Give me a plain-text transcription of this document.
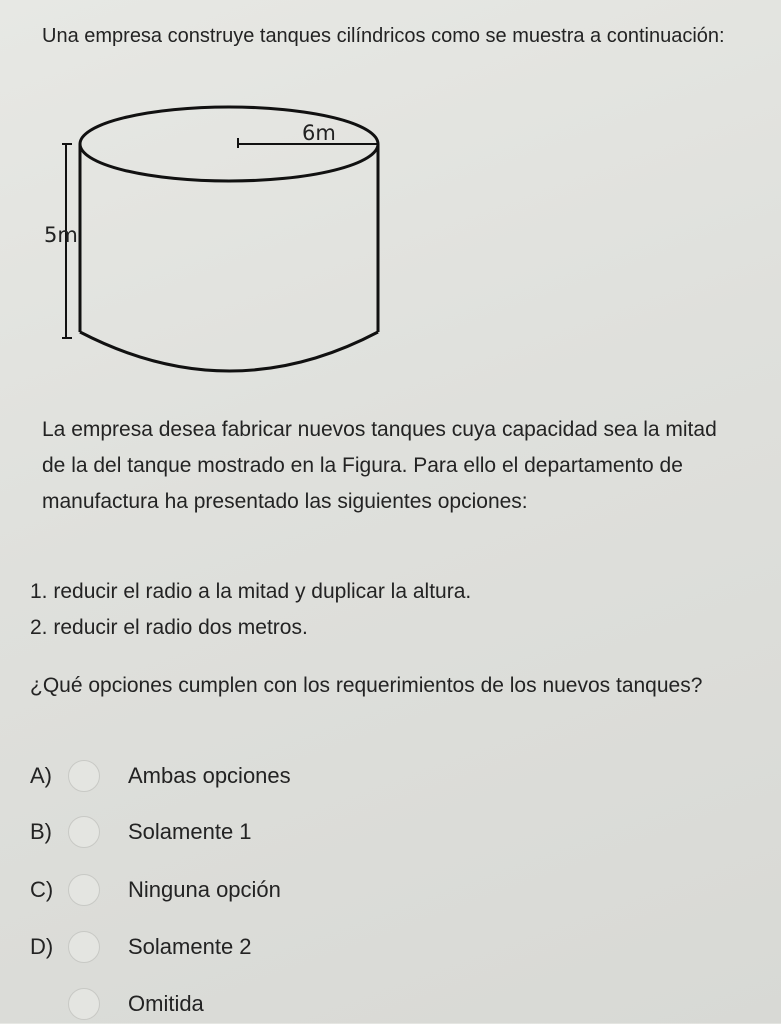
Una empresa construye tanques cilíndricos como se muestra a continuación:

6m
5m

La empresa desea fabricar nuevos tanques cuya capacidad sea la mitad de la del tanque mostrado en la Figura. Para ello el departamento de manufactura ha presentado las siguientes opciones:

1. reducir el radio a la mitad y duplicar la altura.
2. reducir el radio dos metros.

¿Qué opciones cumplen con los requerimientos de los nuevos tanques?

A)	Ambas opciones
B)	Solamente 1
C)	Ninguna opción
D)	Solamente 2
Omitida
